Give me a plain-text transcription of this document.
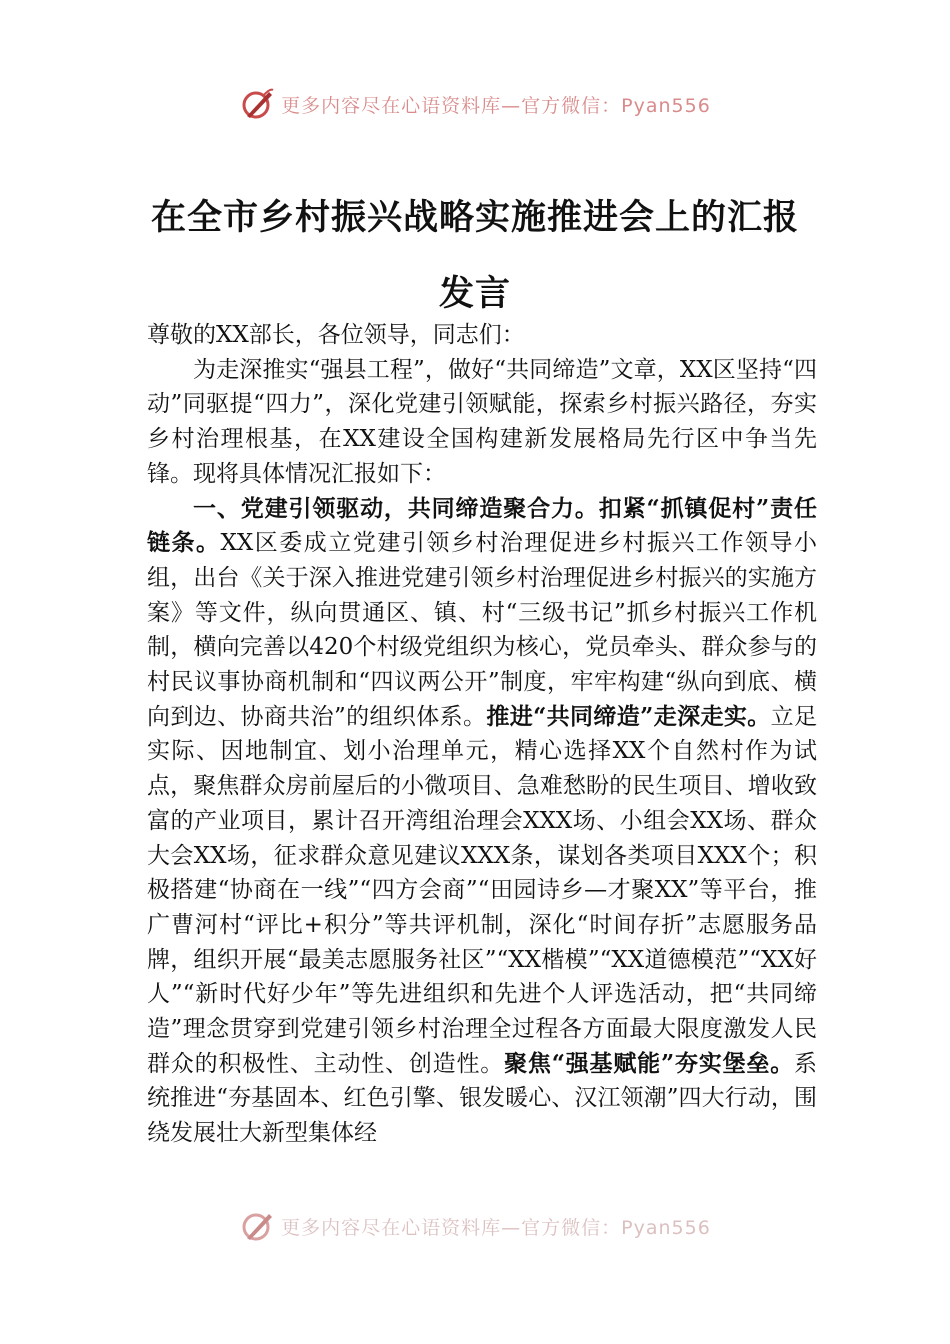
更多内容尽在心语资料库—官方微信：Pyan556
在全市乡村振兴战略实施推进会上的汇报
发言

尊敬的XX部长，各位领导，同志们：

为走深推实“强县工程”，做好“共同缔造”文章，XX区坚持“四动”同驱提“四力”，深化党建引领赋能，探索乡村振兴路径，夯实乡村治理根基，在XX建设全国构建新发展格局先行区中争当先锋。现将具体情况汇报如下：

一、党建引领驱动，共同缔造聚合力。扣紧“抓镇促村”责任链条。XX区委成立党建引领乡村治理促进乡村振兴工作领导小组，出台《关于深入推进党建引领乡村治理促进乡村振兴的实施方案》等文件，纵向贯通区、镇、村“三级书记”抓乡村振兴工作机制，横向完善以420个村级党组织为核心，党员牵头、群众参与的村民议事协商机制和“四议两公开”制度，牢牢构建“纵向到底、横向到边、协商共治”的组织体系。推进“共同缔造”走深走实。立足实际、因地制宜、划小治理单元，精心选择XX个自然村作为试点，聚焦群众房前屋后的小微项目、急难愁盼的民生项目、增收致富的产业项目，累计召开湾组治理会XXX场、小组会XX场、群众大会XX场，征求群众意见建议XXX条，谋划各类项目XXX个；积极搭建“协商在一线”“四方会商”“田园诗乡—才聚XX”等平台，推广曹河村“评比+积分”等共评机制，深化“时间存折”志愿服务品牌，组织开展“最美志愿服务社区”“XX楷模”“XX道德模范”“XX好人”“新时代好少年”等先进组织和先进个人评选活动，把“共同缔造”理念贯穿到党建引领乡村治理全过程各方面最大限度激发人民群众的积极性、主动性、创造性。聚焦“强基赋能”夯实堡垒。系统推进“夯基固本、红色引擎、银发暖心、汉江领潮”四大行动，围绕发展壮大新型集体经

更多内容尽在心语资料库—官方微信：Pyan556
